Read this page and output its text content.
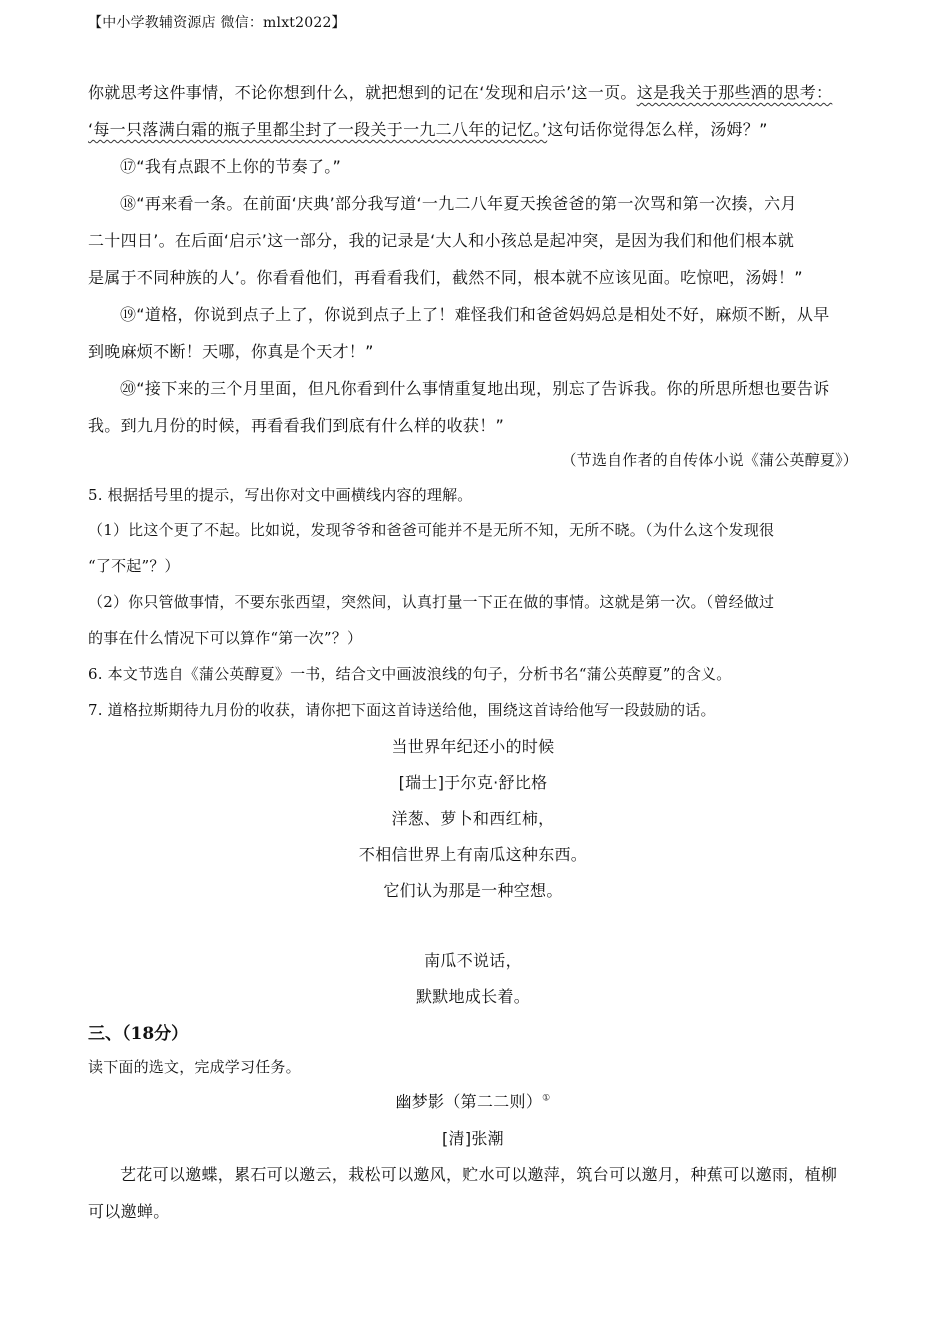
【中小学教辅资源店 微信：mlxt2022】
你就思考这件事情，不论你想到什么，就把想到的记在‘发现和启示’这一页。这是我关于那些酒的思考：
‘每一只落满白霜的瓶子里都尘封了一段关于一九二八年的记忆。’这句话你觉得怎么样，汤姆？”
⑰“我有点跟不上你的节奏了。”
⑱“再来看一条。在前面‘庆典’部分我写道‘一九二八年夏天挨爸爸的第一次骂和第一次揍，六月
二十四日’。在后面‘启示’这一部分，我的记录是‘大人和小孩总是起冲突，是因为我们和他们根本就
是属于不同种族的人’。你看看他们，再看看我们，截然不同，根本就不应该见面。吃惊吧，汤姆！”
⑲“道格，你说到点子上了，你说到点子上了！难怪我们和爸爸妈妈总是相处不好，麻烦不断，从早
到晚麻烦不断！天哪，你真是个天才！”
⑳“接下来的三个月里面，但凡你看到什么事情重复地出现，别忘了告诉我。你的所思所想也要告诉
我。到九月份的时候，再看看我们到底有什么样的收获！”
（节选自作者的自传体小说《蒲公英醇夏》）
5. 根据括号里的提示，写出你对文中画横线内容的理解。
（1）比这个更了不起。比如说，发现爷爷和爸爸可能并不是无所不知，无所不晓。（为什么这个发现很
“了不起”？）
（2）你只管做事情，不要东张西望，突然间，认真打量一下正在做的事情。这就是第一次。（曾经做过
的事在什么情况下可以算作“第一次”？）
6. 本文节选自《蒲公英醇夏》一书，结合文中画波浪线的句子，分析书名“蒲公英醇夏”的含义。
7. 道格拉斯期待九月份的收获，请你把下面这首诗送给他，围绕这首诗给他写一段鼓励的话。
当世界年纪还小的时候
[瑞士]于尔克·舒比格
洋葱、萝卜和西红柿，
不相信世界上有南瓜这种东西。
它们认为那是一种空想。
南瓜不说话，
默默地成长着。
三、（18分）
读下面的选文，完成学习任务。
幽梦影（第二二则）①
[清]张潮
艺花可以邀蝶，累石可以邀云，栽松可以邀风，贮水可以邀萍，筑台可以邀月，种蕉可以邀雨，植柳
可以邀蝉。
